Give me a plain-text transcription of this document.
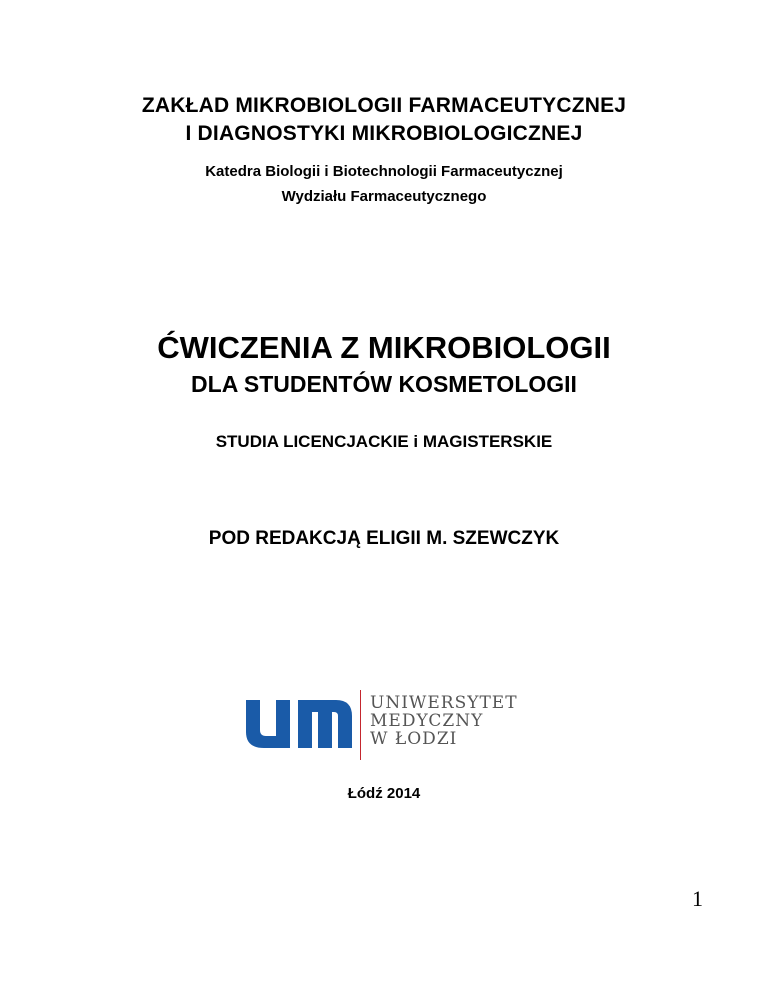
ZAKŁAD MIKROBIOLOGII FARMACEUTYCZNEJ
I DIAGNOSTYKI MIKROBIOLOGICZNEJ
Katedra Biologii i Biotechnologii Farmaceutycznej
Wydziału Farmaceutycznego
ĆWICZENIA Z MIKROBIOLOGII
DLA STUDENTÓW KOSMETOLOGII
STUDIA LICENCJACKIE i MAGISTERSKIE
POD REDAKCJĄ ELIGII M. SZEWCZYK
UNIWERSYTET
MEDYCZNY
W ŁODZI
Łódź 2014
1
